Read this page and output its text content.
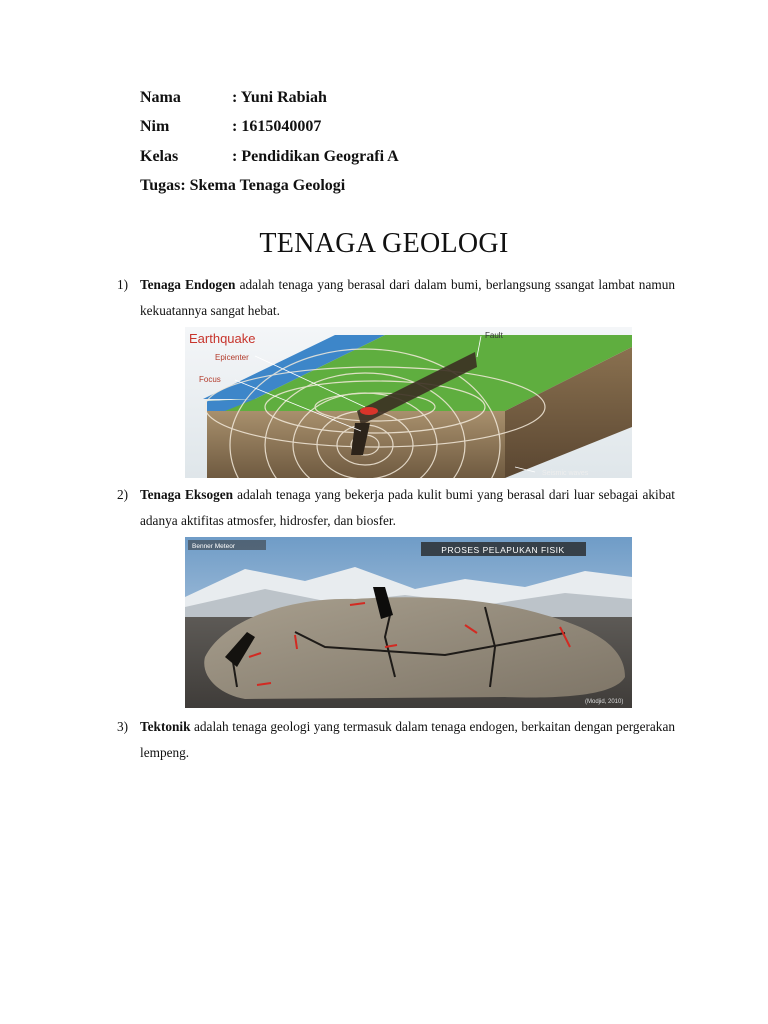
Nama	: Yuni Rabiah
Nim	: 1615040007
Kelas	: Pendidikan Geografi A
Tugas: Skema Tenaga Geologi
TENAGA GEOLOGI
1) Tenaga Endogen adalah tenaga yang berasal dari dalam bumi, berlangsung ssangat lambat namun kekuatannya sangat hebat.
Earthquake
Epicenter
Focus
Fault
Seismic waves
2) Tenaga Eksogen adalah tenaga yang bekerja pada kulit bumi yang berasal dari luar sebagai akibat adanya aktifitas atmosfer, hidrosfer, dan biosfer.
PROSES PELAPUKAN FISIK
Benner Meteor
(Modjid, 2010)
3) Tektonik adalah tenaga geologi yang termasuk dalam tenaga endogen, berkaitan dengan pergerakan lempeng.
